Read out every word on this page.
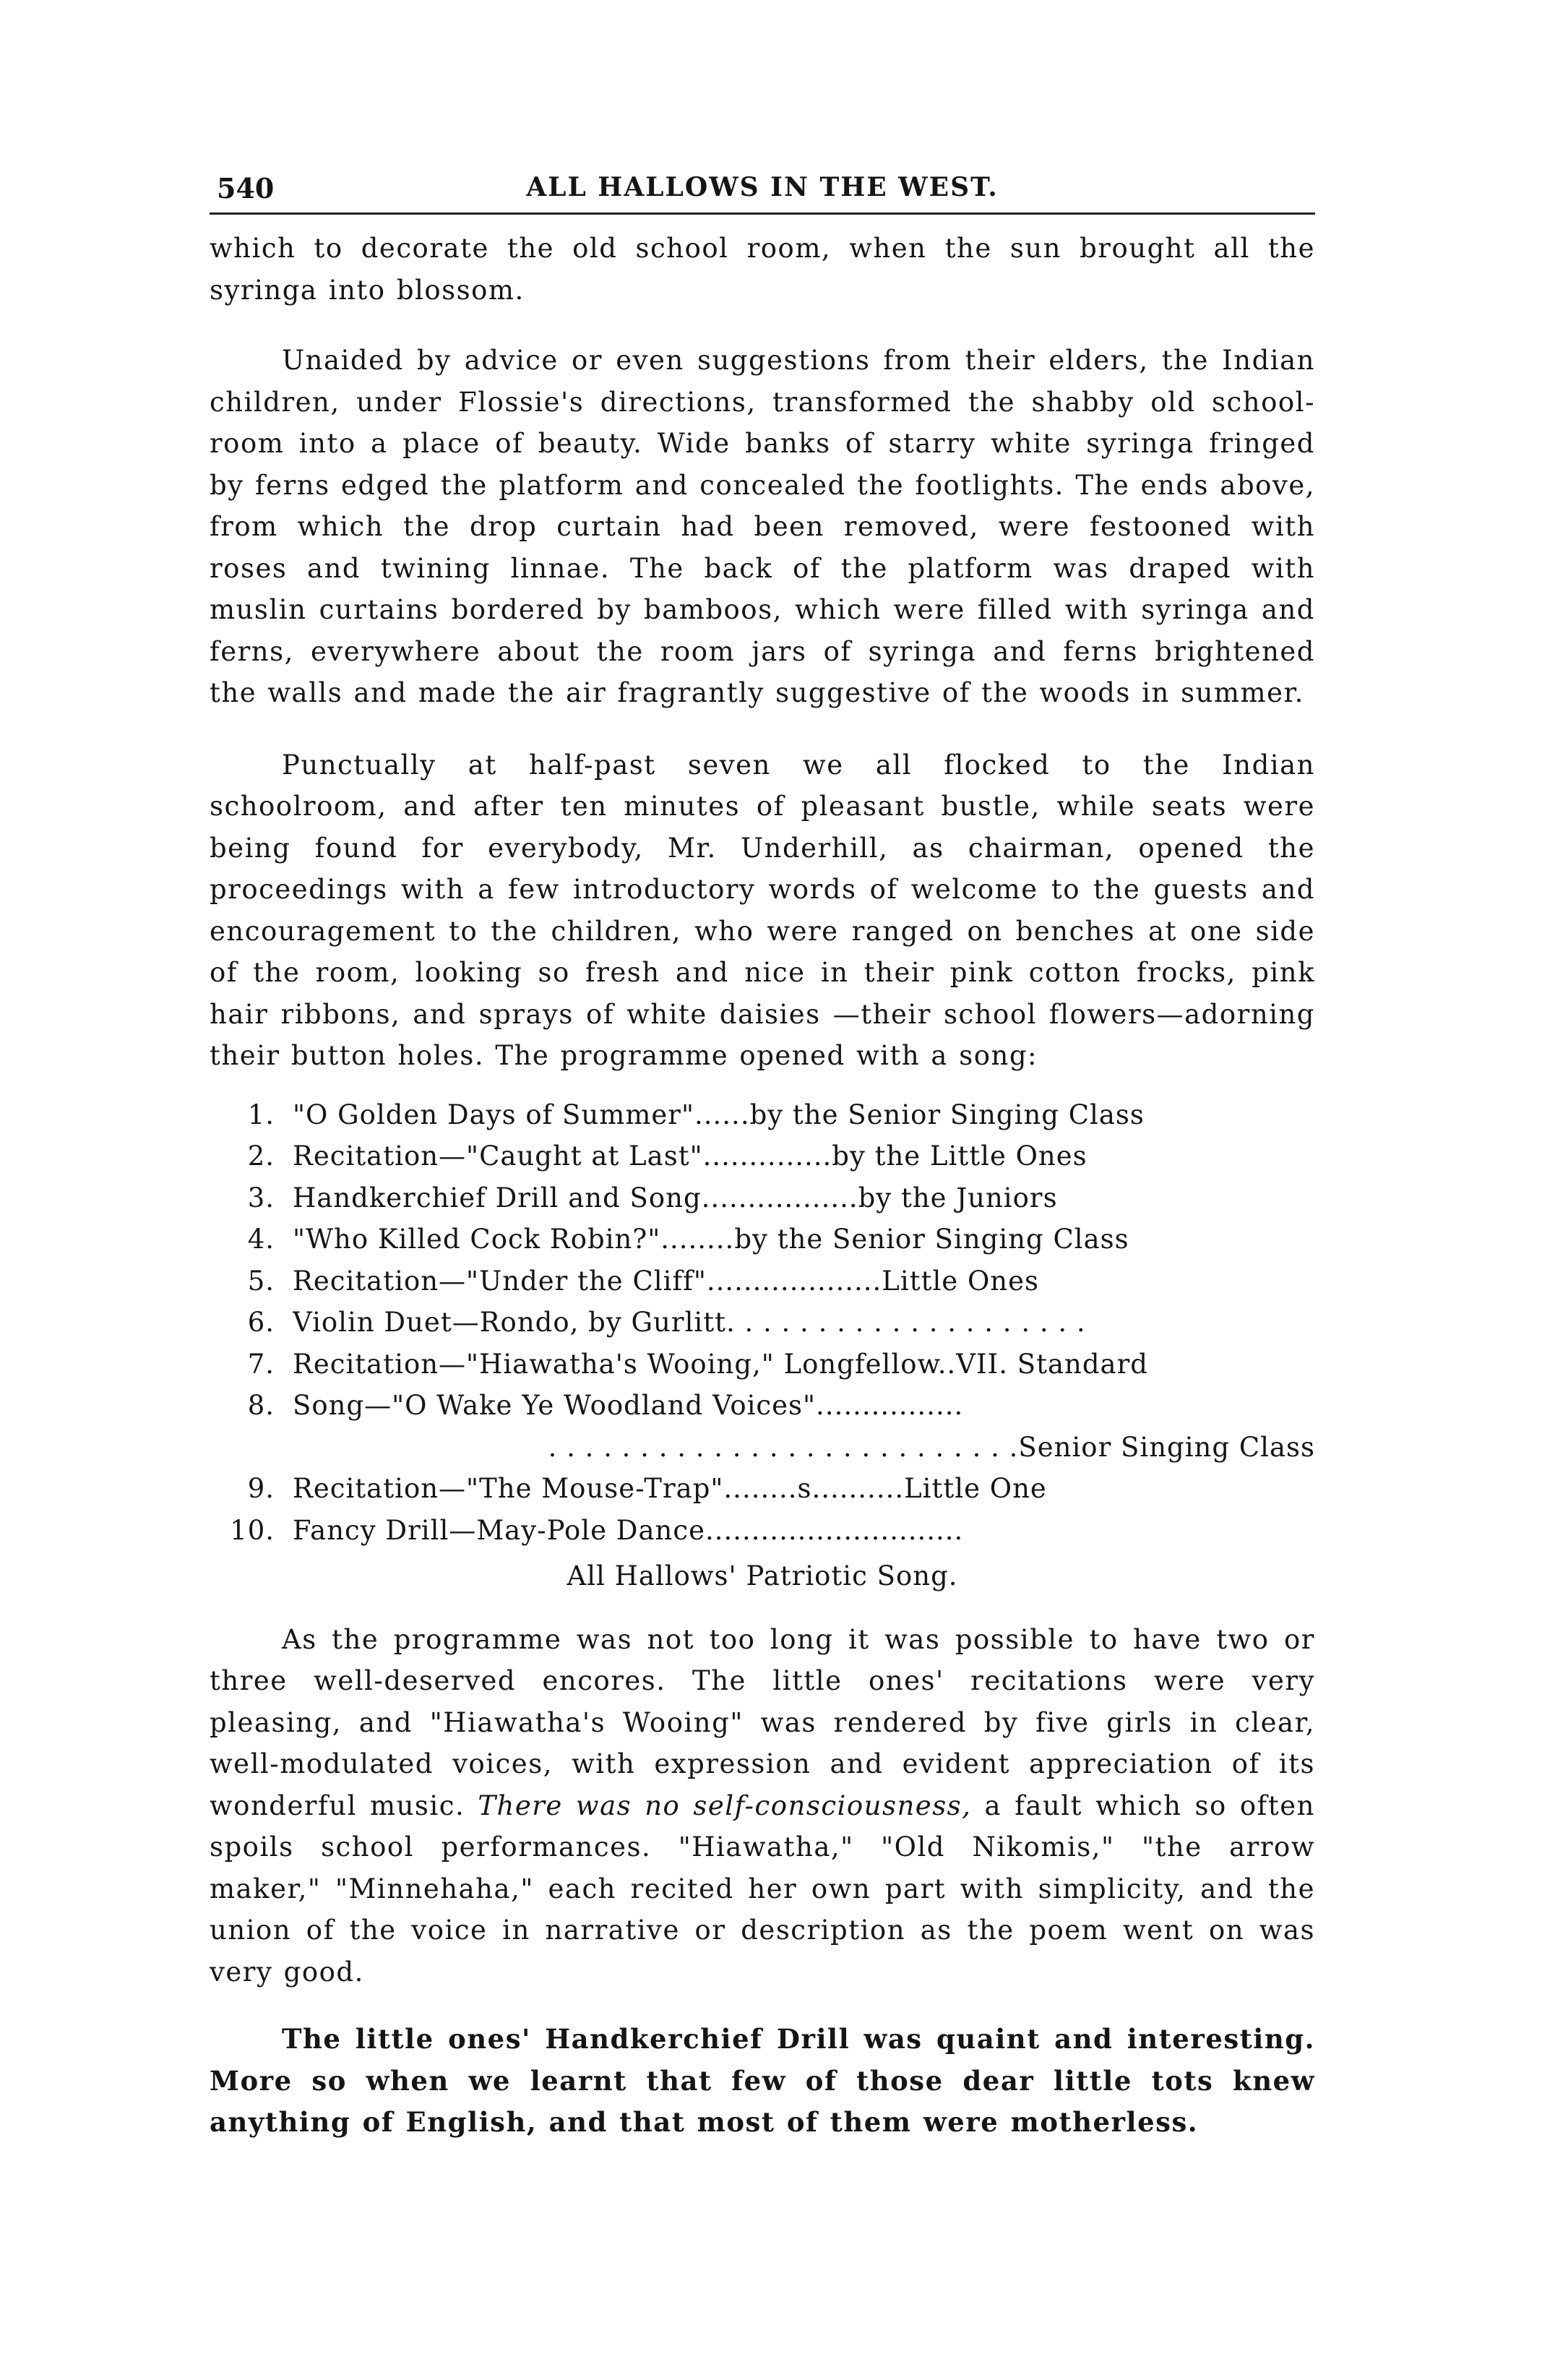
540	ALL HALLOWS IN THE WEST.

which to decorate the old school room, when the sun brought all the syringa into blossom.

Unaided by advice or even suggestions from their elders, the Indian children, under Flossie's directions, transformed the shabby old school-room into a place of beauty. Wide banks of starry white syringa fringed by ferns edged the platform and concealed the footlights. The ends above, from which the drop curtain had been removed, were festooned with roses and twining linnae. The back of the platform was draped with muslin curtains bordered by bamboos, which were filled with syringa and ferns, everywhere about the room jars of syringa and ferns brightened the walls and made the air fragrantly suggestive of the woods in summer.

Punctually at half-past seven we all flocked to the Indian schoolroom, and after ten minutes of pleasant bustle, while seats were being found for everybody, Mr. Underhill, as chairman, opened the proceedings with a few introductory words of welcome to the guests and encouragement to the children, who were ranged on benches at one side of the room, looking so fresh and nice in their pink cotton frocks, pink hair ribbons, and sprays of white daisies —their school flowers—adorning their button holes. The programme opened with a song:

1. "O Golden Days of Summer"......by the Senior Singing Class
2. Recitation—"Caught at Last"..............by the Little Ones
3. Handkerchief Drill and Song.................by the Juniors
4. "Who Killed Cock Robin?"........by the Senior Singing Class
5. Recitation—"Under the Cliff"...................Little Ones
6. Violin Duet—Rondo, by Gurlitt. . . . . . . . . . . . . . . . . . . .
7. Recitation—"Hiawatha's Wooing," Longfellow..VII. Standard
8. Song—"O Wake Ye Woodland Voices"................
. . . . . . . . . . . . . . . . . . . . . . . . . .Senior Singing Class
9. Recitation—"The Mouse-Trap"........s..........Little One
10. Fancy Drill—May-Pole Dance............................
All Hallows' Patriotic Song.

As the programme was not too long it was possible to have two or three well-deserved encores. The little ones' recitations were very pleasing, and "Hiawatha's Wooing" was rendered by five girls in clear, well-modulated voices, with expression and evident appreciation of its wonderful music. There was no self-consciousness, a fault which so often spoils school performances. "Hiawatha," "Old Nikomis," "the arrow maker," "Minnehaha," each recited her own part with simplicity, and the union of the voice in narrative or description as the poem went on was very good.

The little ones' Handkerchief Drill was quaint and interesting. More so when we learnt that few of those dear little tots knew anything of English, and that most of them were motherless.
